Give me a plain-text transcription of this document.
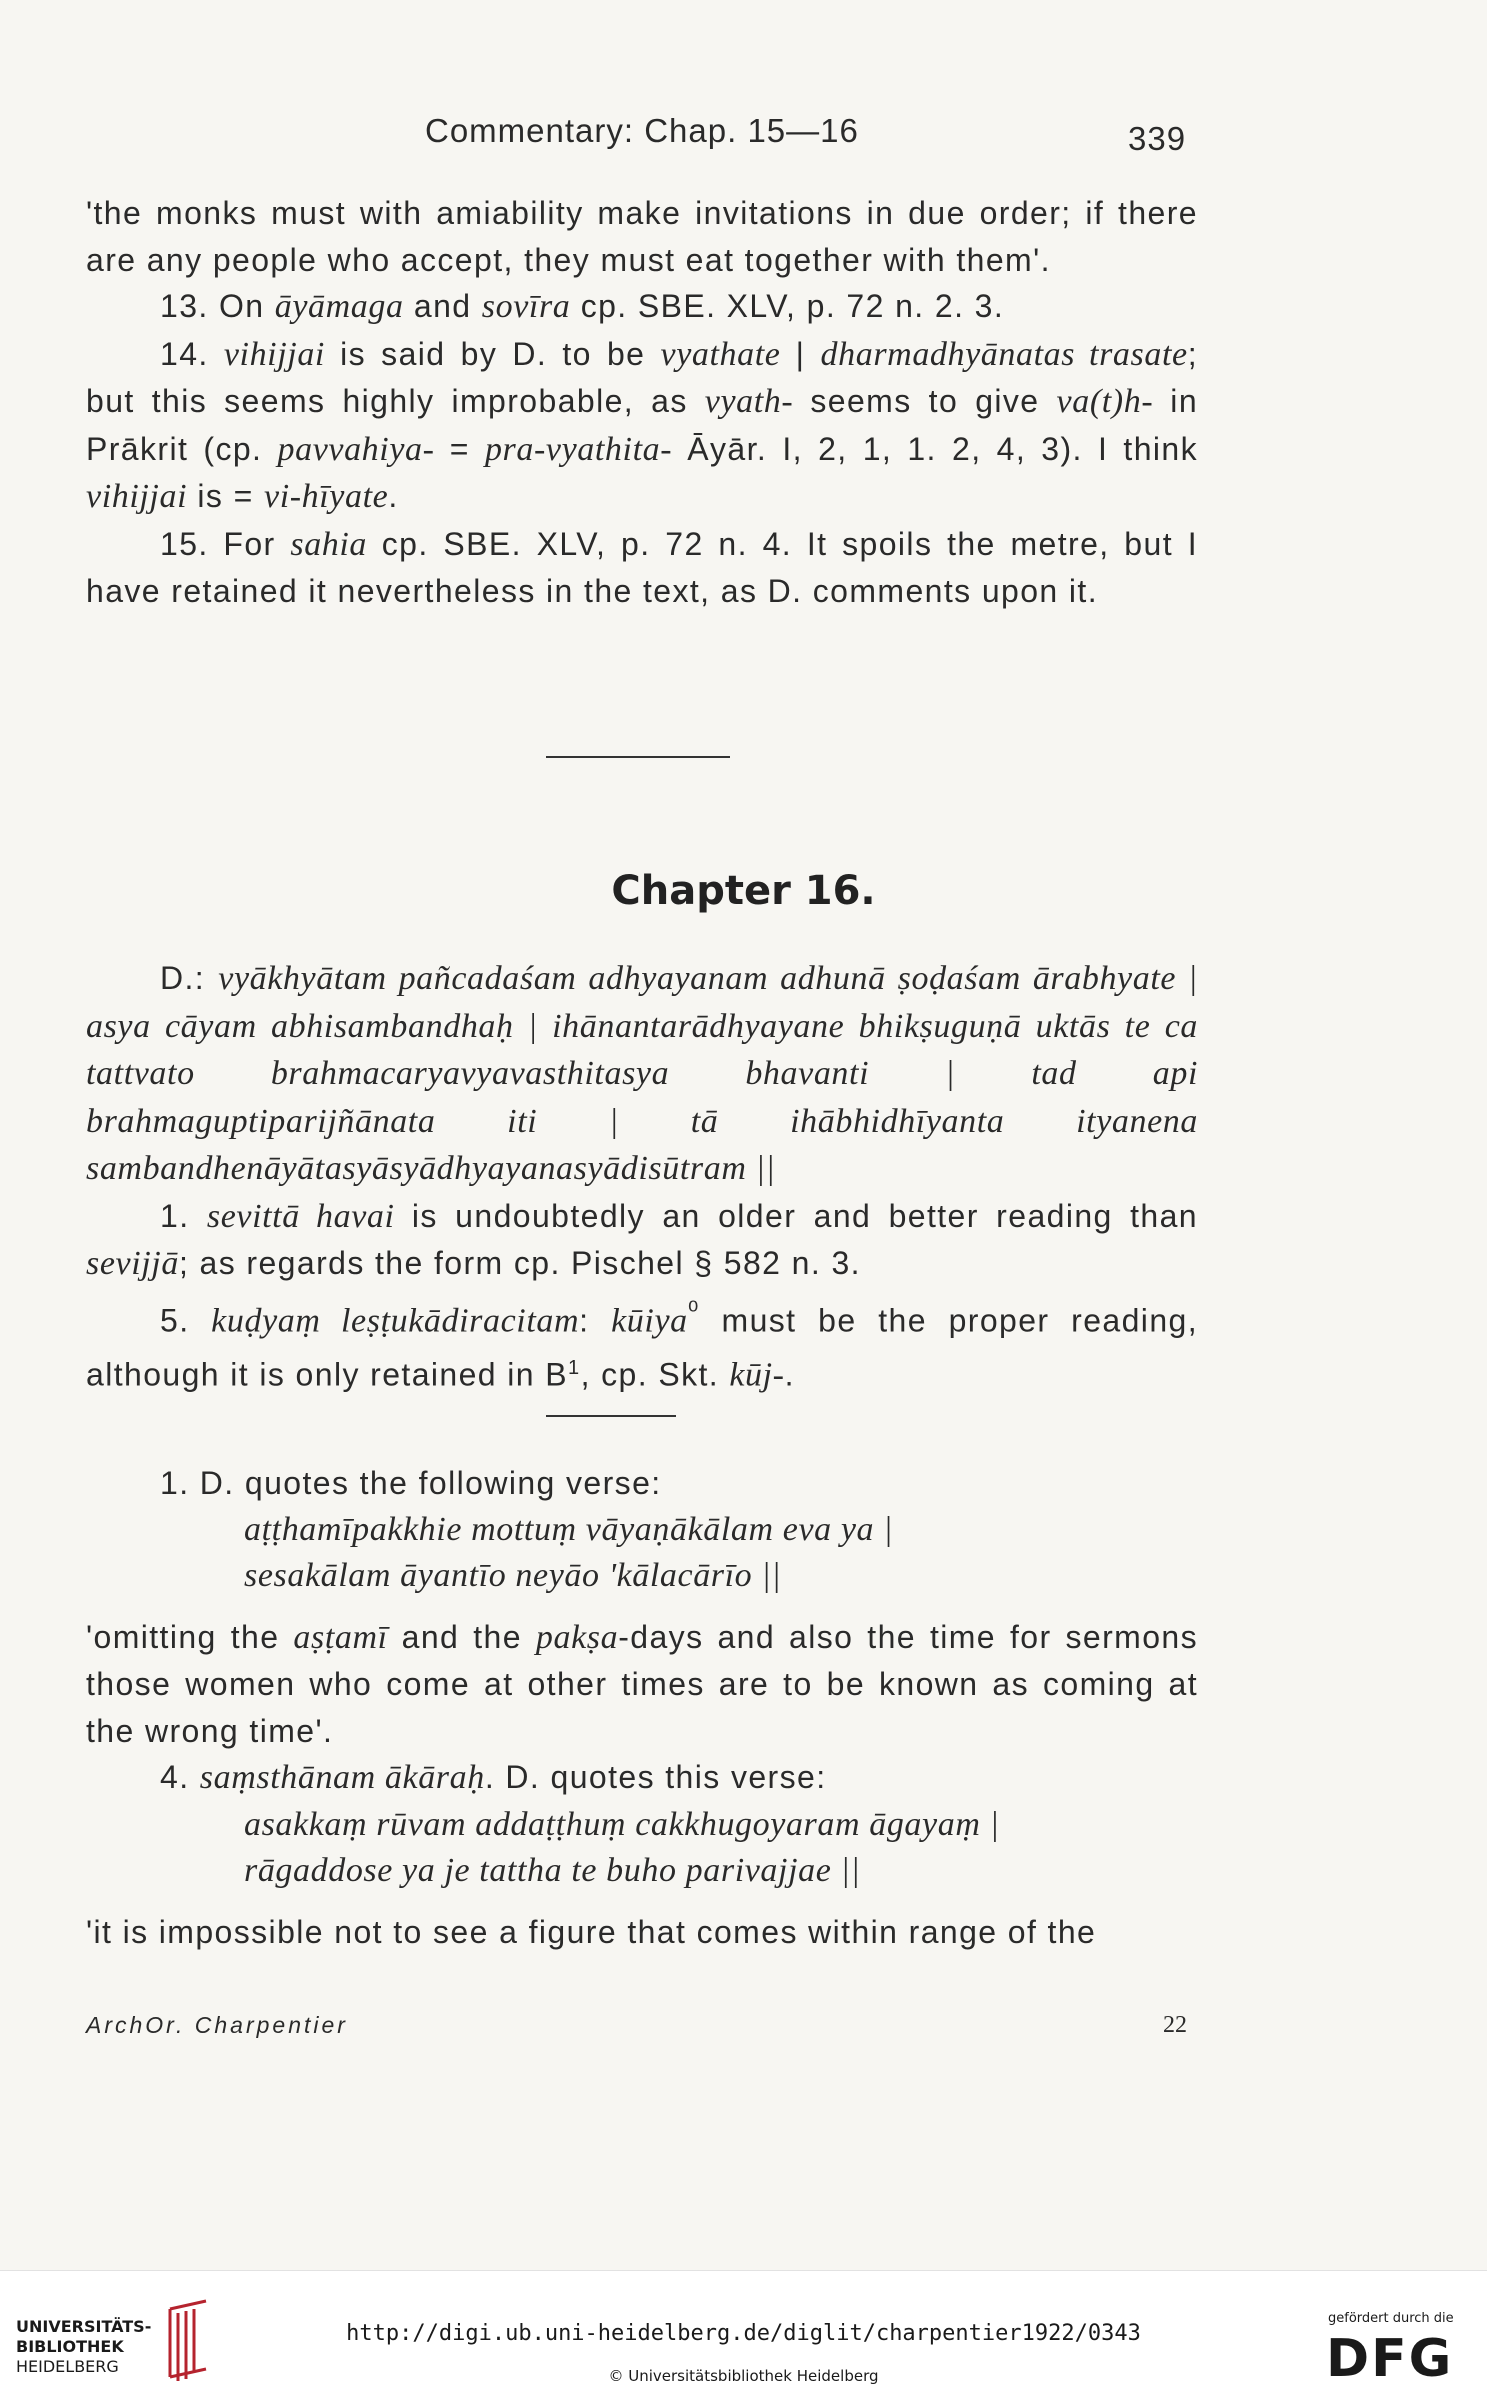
Commentary: Chap. 15—16	339

'the monks must with amiability make invitations in due order; if there are any people who accept, they must eat together with them'.

13. On āyāmaga and sovīra cp. SBE. XLV, p. 72 n. 2. 3.

14. vihijjai is said by D. to be vyathate | dharmadhyānatas trasate; but this seems highly improbable, as vyath- seems to give va(t)h- in Prākrit (cp. pavvahiya- = pra-vyathita- Āyār. I, 2, 1, 1. 2, 4, 3). I think vihijjai is = vi-hīyate.

15. For sahia cp. SBE. XLV, p. 72 n. 4. It spoils the metre, but I have retained it nevertheless in the text, as D. comments upon it.

Chapter 16.

D.: vyākhyātam pañcadaśam adhyayanam adhunā ṣoḍaśam ārabhyate | asya cāyam abhisambandhaḥ | ihānantarādhyayane bhikṣuguṇā uktās te ca tattvato brahmacaryavyavasthitasya bhavanti | tad api brahmaguptiparijñānata iti | tā ihābhidhīyanta ityanena sambandhenāyātasyāsyādhyayanasyādisūtram ||

1. sevittā havai is undoubtedly an older and better reading than sevijjā; as regards the form cp. Pischel § 582 n. 3.

5. kuḍyaṃ leṣṭukādiracitam: kūiya$^{^0}$ must be the proper reading, although it is only retained in $B^1$, cp. Skt. kūj-.

1. D. quotes the following verse:

aṭṭhamīpakkhie mottuṃ vāyaṇākālam eva ya |

sesakālam āyantīo neyāo 'kālacārīo ||

'omitting the aṣṭamī and the pakṣa-days and also the time for sermons those women who come at other times are to be known as coming at the wrong time'.

4. saṃsthānam ākāraḥ. D. quotes this verse:

asakkaṃ rūvam addaṭṭhuṃ cakkhugoyaram āgayaṃ |

rāgaddose ya je tattha te buho parivajjae ||

'it is impossible not to see a figure that comes within range of the

ArchOr. Charpentier	22
UNIVERSITÄTS-
BIBLIOTHEK
HEIDELBERG
http://digi.ub.uni-heidelberg.de/diglit/charpentier1922/0343
© Universitätsbibliothek Heidelberg
gefördert durch die
DFG
